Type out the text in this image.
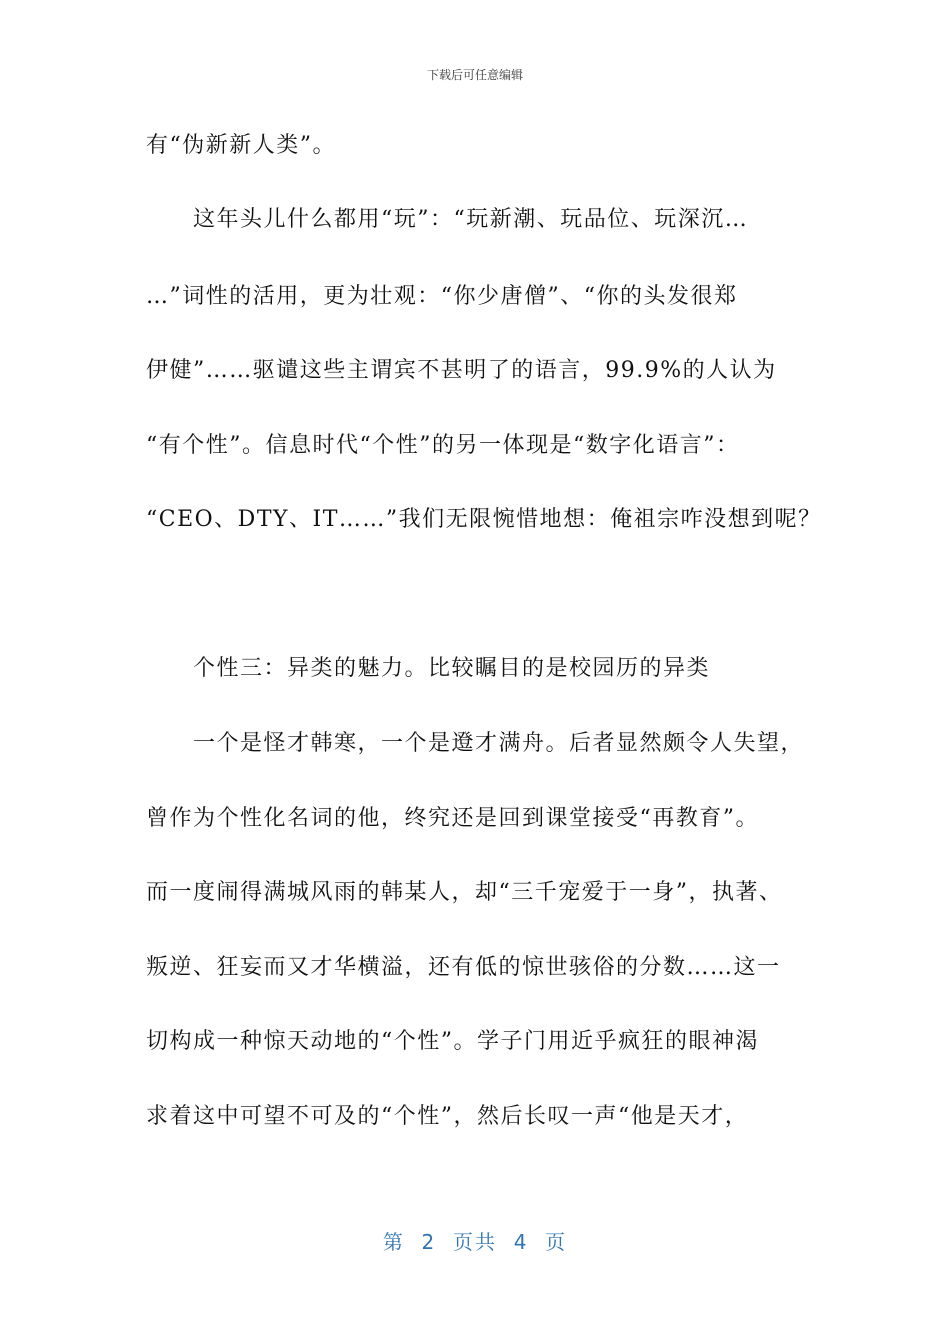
下载后可任意编辑
有“伪新新人类”。
　　这年头儿什么都用“玩”：“玩新潮、玩品位、玩深沉…
…”词性的活用，更为壮观：“你少唐僧”、“你的头发很郑
伊健”……驱谴这些主谓宾不甚明了的语言，99.9%的人认为
“有个性”。信息时代“个性”的另一体现是“数字化语言”：
“CEO、DTY、IT……”我们无限惋惜地想：俺祖宗咋没想到呢？
　　个性三：异类的魅力。比较瞩目的是校园历的异类
　　一个是怪才韩寒，一个是邆才满舟。后者显然颇令人失望，
曾作为个性化名词的他，终究还是回到课堂接受“再教育”。
而一度闹得满城风雨的韩某人，却“三千宠爱于一身”，执著、
叛逆、狂妄而又才华横溢，还有低的惊世骇俗的分数……这一
切构成一种惊天动地的“个性”。学子门用近乎疯狂的眼神渴
求着这中可望不可及的“个性”，然后长叹一声“他是天才，
第  2  页共  4  页
